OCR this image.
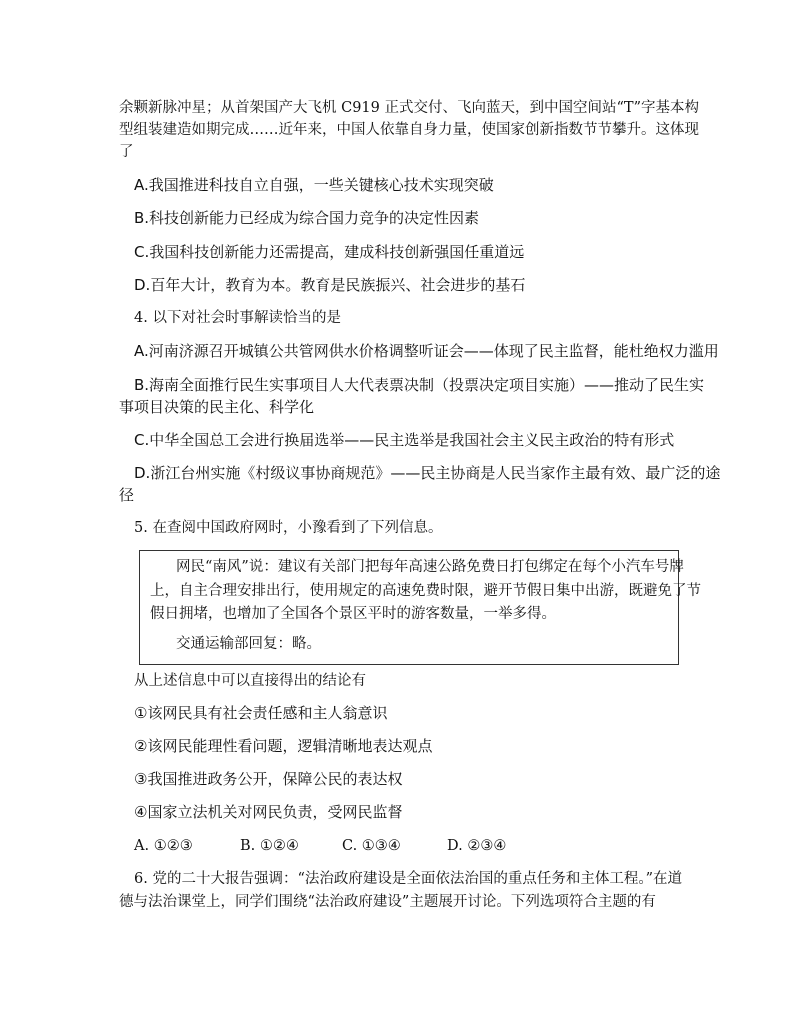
余颗新脉冲星；从首架国产大飞机 C919 正式交付、飞向蓝天，到中国空间站“T”字基本构
型组装建造如期完成……近年来，中国人依靠自身力量，使国家创新指数节节攀升。这体现
了
A.我国推进科技自立自强，一些关键核心技术实现突破
B.科技创新能力已经成为综合国力竞争的决定性因素
C.我国科技创新能力还需提高，建成科技创新强国任重道远
D.百年大计，教育为本。教育是民族振兴、社会进步的基石
4. 以下对社会时事解读恰当的是
A.河南济源召开城镇公共管网供水价格调整听证会——体现了民主监督，能杜绝权力滥用
B.海南全面推行民生实事项目人大代表票决制（投票决定项目实施）——推动了民生实
事项目决策的民主化、科学化
C.中华全国总工会进行换届选举——民主选举是我国社会主义民主政治的特有形式
D.浙江台州实施《村级议事协商规范》——民主协商是人民当家作主最有效、最广泛的途
径
5. 在查阅中国政府网时，小豫看到了下列信息。
网民“南风”说：建议有关部门把每年高速公路免费日打包绑定在每个小汽车号牌
上，自主合理安排出行，使用规定的高速免费时限，避开节假日集中出游，既避免了节
假日拥堵，也增加了全国各个景区平时的游客数量，一举多得。
交通运输部回复：略。
从上述信息中可以直接得出的结论有
①该网民具有社会责任感和主人翁意识
②该网民能理性看问题，逻辑清晰地表达观点
③我国推进政务公开，保障公民的表达权
④国家立法机关对网民负责，受网民监督
A. ①②③	B. ①②④	C. ①③④	D. ②③④
6. 党的二十大报告强调：“法治政府建设是全面依法治国的重点任务和主体工程。”在道
德与法治课堂上，同学们围绕“法治政府建设”主题展开讨论。下列选项符合主题的有
